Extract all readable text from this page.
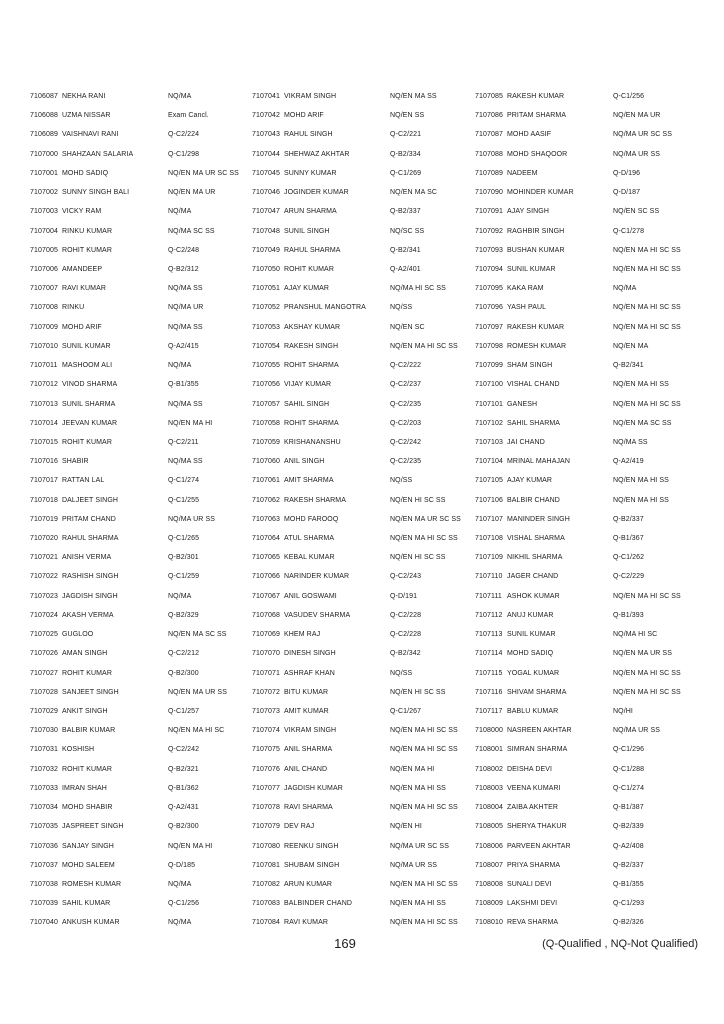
7106087 NEKHA RANI	NQ/MA
7106088 UZMA NISSAR	Exam Cancl.
7106089 VAISHNAVI RANI	Q-C2/224
7107000 SHAHZAAN SALARIA	Q-C1/298
7107001 MOHD SADIQ	NQ/EN MA UR SC SS
7107002 SUNNY SINGH BALI	NQ/EN MA UR
7107003 VICKY RAM	NQ/MA
7107004 RINKU KUMAR	NQ/MA SC SS
7107005 ROHIT KUMAR	Q-C2/248
7107006 AMANDEEP	Q-B2/312
7107007 RAVI KUMAR	NQ/MA SS
7107008 RINKU	NQ/MA UR
7107009 MOHD ARIF	NQ/MA SS
7107010 SUNIL KUMAR	Q-A2/415
7107011 MASHOOM ALI	NQ/MA
7107012 VINOD SHARMA	Q-B1/355
7107013 SUNIL SHARMA	NQ/MA SS
7107014 JEEVAN KUMAR	NQ/EN MA HI
7107015 ROHIT KUMAR	Q-C2/211
7107016 SHABIR	NQ/MA SS
7107017 RATTAN LAL	Q-C1/274
7107018 DALJEET SINGH	Q-C1/255
7107019 PRITAM CHAND	NQ/MA UR SS
7107020 RAHUL SHARMA	Q-C1/265
7107021 ANISH VERMA	Q-B2/301
7107022 RASHISH SINGH	Q-C1/259
7107023 JAGDISH SINGH	NQ/MA
7107024 AKASH VERMA	Q-B2/329
7107025 GUGLOO	NQ/EN MA SC SS
7107026 AMAN SINGH	Q-C2/212
7107027 ROHIT KUMAR	Q-B2/300
7107028 SANJEET SINGH	NQ/EN MA UR SS
7107029 ANKIT SINGH	Q-C1/257
7107030 BALBIR KUMAR	NQ/EN MA HI SC
7107031 KOSHISH	Q-C2/242
7107032 ROHIT KUMAR	Q-B2/321
7107033 IMRAN SHAH	Q-B1/362
7107034 MOHD SHABIR	Q-A2/431
7107035 JASPREET SINGH	Q-B2/300
7107036 SANJAY SINGH	NQ/EN MA HI
7107037 MOHD SALEEM	Q-D/185
7107038 ROMESH KUMAR	NQ/MA
7107039 SAHIL KUMAR	Q-C1/256
7107040 ANKUSH KUMAR	NQ/MA
7107041 VIKRAM SINGH	NQ/EN MA SS
7107042 MOHD ARIF	NQ/EN SS
7107043 RAHUL SINGH	Q-C2/221
7107044 SHEHWAZ AKHTAR	Q-B2/334
7107045 SUNNY KUMAR	Q-C1/269
7107046 JOGINDER KUMAR	NQ/EN MA SC
7107047 ARUN SHARMA	Q-B2/337
7107048 SUNIL SINGH	NQ/SC SS
7107049 RAHUL SHARMA	Q-B2/341
7107050 ROHIT KUMAR	Q-A2/401
7107051 AJAY KUMAR	NQ/MA HI SC SS
7107052 PRANSHUL MANGOTRA	NQ/SS
7107053 AKSHAY KUMAR	NQ/EN SC
7107054 RAKESH SINGH	NQ/EN MA HI SC SS
7107055 ROHIT SHARMA	Q-C2/222
7107056 VIJAY KUMAR	Q-C2/237
7107057 SAHIL SINGH	Q-C2/235
7107058 ROHIT SHARMA	Q-C2/203
7107059 KRISHANANSHU	Q-C2/242
7107060 ANIL SINGH	Q-C2/235
7107061 AMIT SHARMA	NQ/SS
7107062 RAKESH SHARMA	NQ/EN HI SC SS
7107063 MOHD FAROOQ	NQ/EN MA UR SC SS
7107064 ATUL SHARMA	NQ/EN MA HI SC SS
7107065 KEBAL KUMAR	NQ/EN HI SC SS
7107066 NARINDER KUMAR	Q-C2/243
7107067 ANIL GOSWAMI	Q-D/191
7107068 VASUDEV SHARMA	Q-C2/228
7107069 KHEM RAJ	Q-C2/228
7107070 DINESH SINGH	Q-B2/342
7107071 ASHRAF KHAN	NQ/SS
7107072 BITU KUMAR	NQ/EN HI SC SS
7107073 AMIT KUMAR	Q-C1/267
7107074 VIKRAM SINGH	NQ/EN MA HI SC SS
7107075 ANIL SHARMA	NQ/EN MA HI SC SS
7107076 ANIL CHAND	NQ/EN MA HI
7107077 JAGDISH KUMAR	NQ/EN MA HI SS
7107078 RAVI SHARMA	NQ/EN MA HI SC SS
7107079 DEV RAJ	NQ/EN HI
7107080 REENKU SINGH	NQ/MA UR SC SS
7107081 SHUBAM SINGH	NQ/MA UR SS
7107082 ARUN KUMAR	NQ/EN MA HI SC SS
7107083 BALBINDER CHAND	NQ/EN MA HI SS
7107084 RAVI KUMAR	NQ/EN MA HI SC SS
7107085 RAKESH KUMAR	Q-C1/256
7107086 PRITAM SHARMA	NQ/EN MA UR
7107087 MOHD AASIF	NQ/MA UR SC SS
7107088 MOHD SHAQOOR	NQ/MA UR SS
7107089 NADEEM	Q-D/196
7107090 MOHINDER KUMAR	Q-D/187
7107091 AJAY SINGH	NQ/EN SC SS
7107092 RAGHBIR SINGH	Q-C1/278
7107093 BUSHAN KUMAR	NQ/EN MA HI SC SS
7107094 SUNIL KUMAR	NQ/EN MA HI SC SS
7107095 KAKA RAM	NQ/MA
7107096 YASH PAUL	NQ/EN MA HI SC SS
7107097 RAKESH KUMAR	NQ/EN MA HI SC SS
7107098 ROMESH KUMAR	NQ/EN MA
7107099 SHAM SINGH	Q-B2/341
7107100 VISHAL CHAND	NQ/EN MA HI SS
7107101 GANESH	NQ/EN MA HI SC SS
7107102 SAHIL SHARMA	NQ/EN MA SC SS
7107103 JAI CHAND	NQ/MA SS
7107104 MRINAL MAHAJAN	Q-A2/419
7107105 AJAY KUMAR	NQ/EN MA HI SS
7107106 BALBIR CHAND	NQ/EN MA HI SS
7107107 MANINDER SINGH	Q-B2/337
7107108 VISHAL SHARMA	Q-B1/367
7107109 NIKHIL SHARMA	Q-C1/262
7107110 JAGER CHAND	Q-C2/229
7107111 ASHOK KUMAR	NQ/EN MA HI SC SS
7107112 ANUJ KUMAR	Q-B1/393
7107113 SUNIL KUMAR	NQ/MA HI SC
7107114 MOHD SADIQ	NQ/EN MA UR SS
7107115 YOGAL KUMAR	NQ/EN MA HI SC SS
7107116 SHIVAM SHARMA	NQ/EN MA HI SC SS
7107117 BABLU KUMAR	NQ/HI
7108000 NASREEN AKHTAR	NQ/MA UR SS
7108001 SIMRAN SHARMA	Q-C1/296
7108002 DEISHA DEVI	Q-C1/288
7108003 VEENA KUMARI	Q-C1/274
7108004 ZAIBA AKHTER	Q-B1/387
7108005 SHERYA THAKUR	Q-B2/339
7108006 PARVEEN AKHTAR	Q-A2/408
7108007 PRIYA SHARMA	Q-B2/337
7108008 SUNALI DEVI	Q-B1/355
7108009 LAKSHMI DEVI	Q-C1/293
7108010 REVA SHARMA	Q-B2/326
169	(Q-Qualified , NQ-Not Qualified)
